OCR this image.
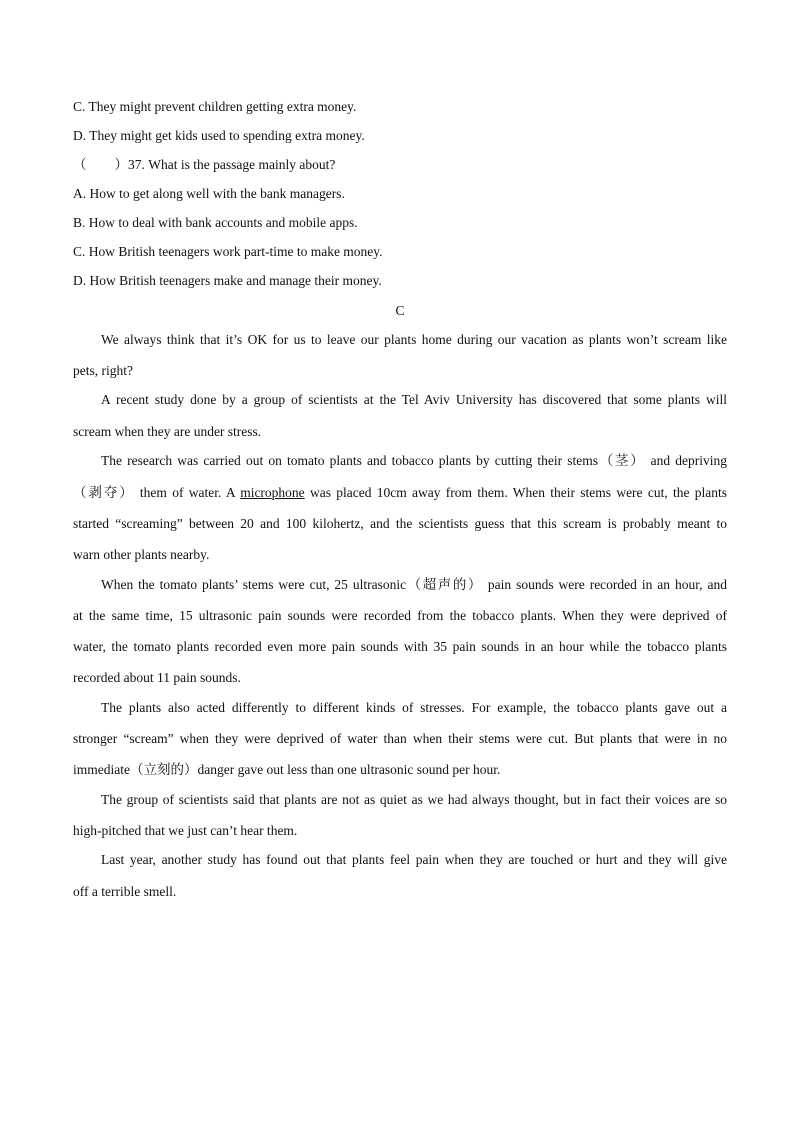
C. They might prevent children getting extra money.
D. They might get kids used to spending extra money.
（ ）37. What is the passage mainly about?
A. How to get along well with the bank managers.
B. How to deal with bank accounts and mobile apps.
C. How British teenagers work part-time to make money.
D. How British teenagers make and manage their money.
C
We always think that it’s OK for us to leave our plants home during our vacation as plants won’t scream like
pets, right?
A recent study done by a group of scientists at the Tel Aviv University has discovered that some plants will
scream when they are under stress.
The research was carried out on tomato plants and tobacco plants by cutting their stems（茎） and depriving
（剥夺） them of water. A microphone was placed 10cm away from them. When their stems were cut, the plants
started “screaming” between 20 and 100 kilohertz, and the scientists guess that this scream is probably meant to
warn other plants nearby.
When the tomato plants’ stems were cut, 25 ultrasonic（超声的） pain sounds were recorded in an hour, and
at the same time, 15 ultrasonic pain sounds were recorded from the tobacco plants. When they were deprived of
water, the tomato plants recorded even more pain sounds with 35 pain sounds in an hour while the tobacco plants
recorded about 11 pain sounds.
The plants also acted differently to different kinds of stresses. For example, the tobacco plants gave out a
stronger “scream” when they were deprived of water than when their stems were cut. But plants that were in no
immediate（立刻的）danger gave out less than one ultrasonic sound per hour.
The group of scientists said that plants are not as quiet as we had always thought, but in fact their voices are so
high-pitched that we just can’t hear them.
Last year, another study has found out that plants feel pain when they are touched or hurt and they will give
off a terrible smell.
